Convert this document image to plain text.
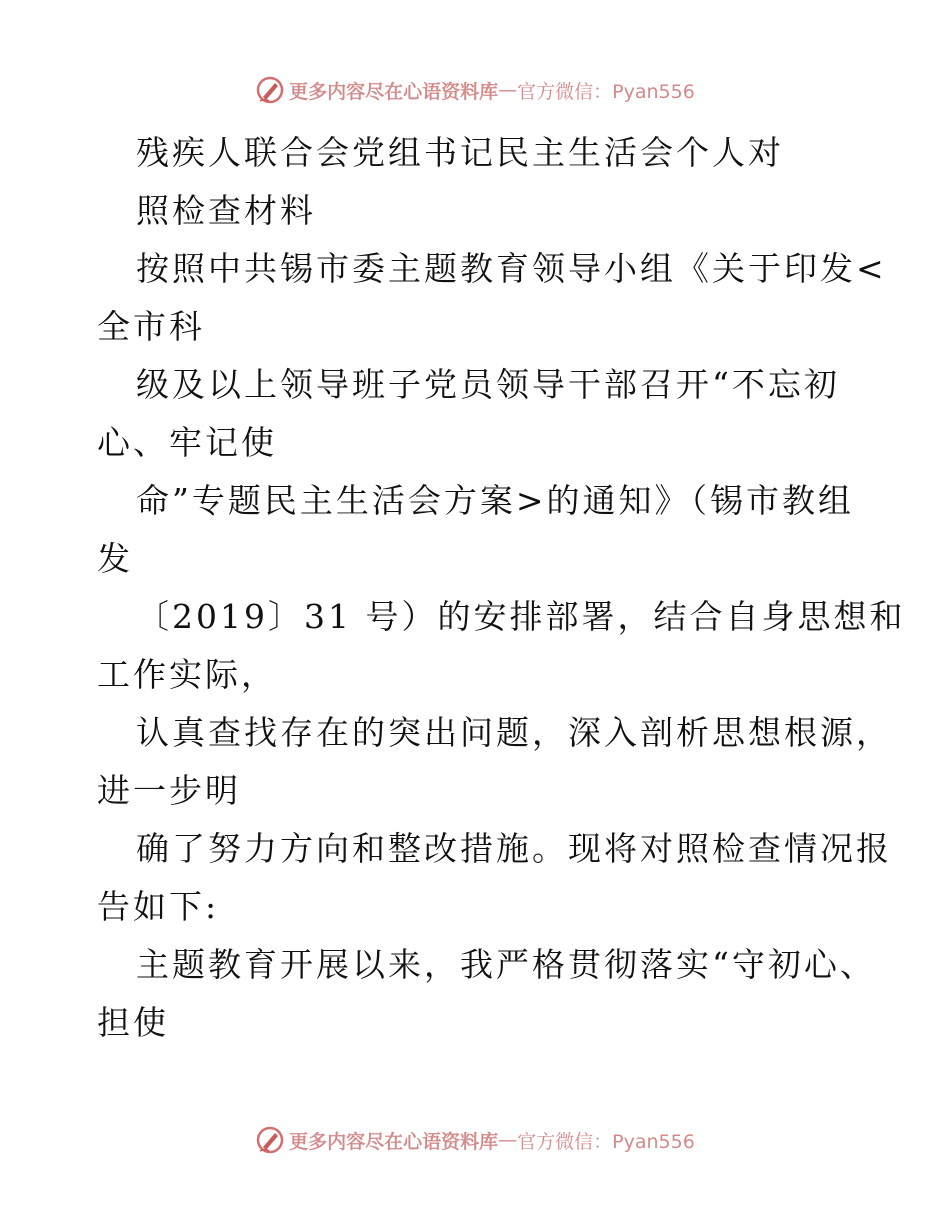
更多内容尽在心语资料库 — 官方微信：Pyan556
残疾人联合会党组书记民主生活会个人对
照检查材料
按照中共锡市委主题教育领导小组《关于印发<
全市科
级及以上领导班子党员领导干部召开“不忘初
心、牢记使
命”专题民主生活会方案>的通知》（锡市教组
发
〔2019〕31 号）的安排部署，结合自身思想和
工作实际，
认真查找存在的突出问题，深入剖析思想根源，
进一步明
确了努力方向和整改措施。现将对照检查情况报
告如下:
主题教育开展以来，我严格贯彻落实“守初心、
担使
更多内容尽在心语资料库 — 官方微信：Pyan556
